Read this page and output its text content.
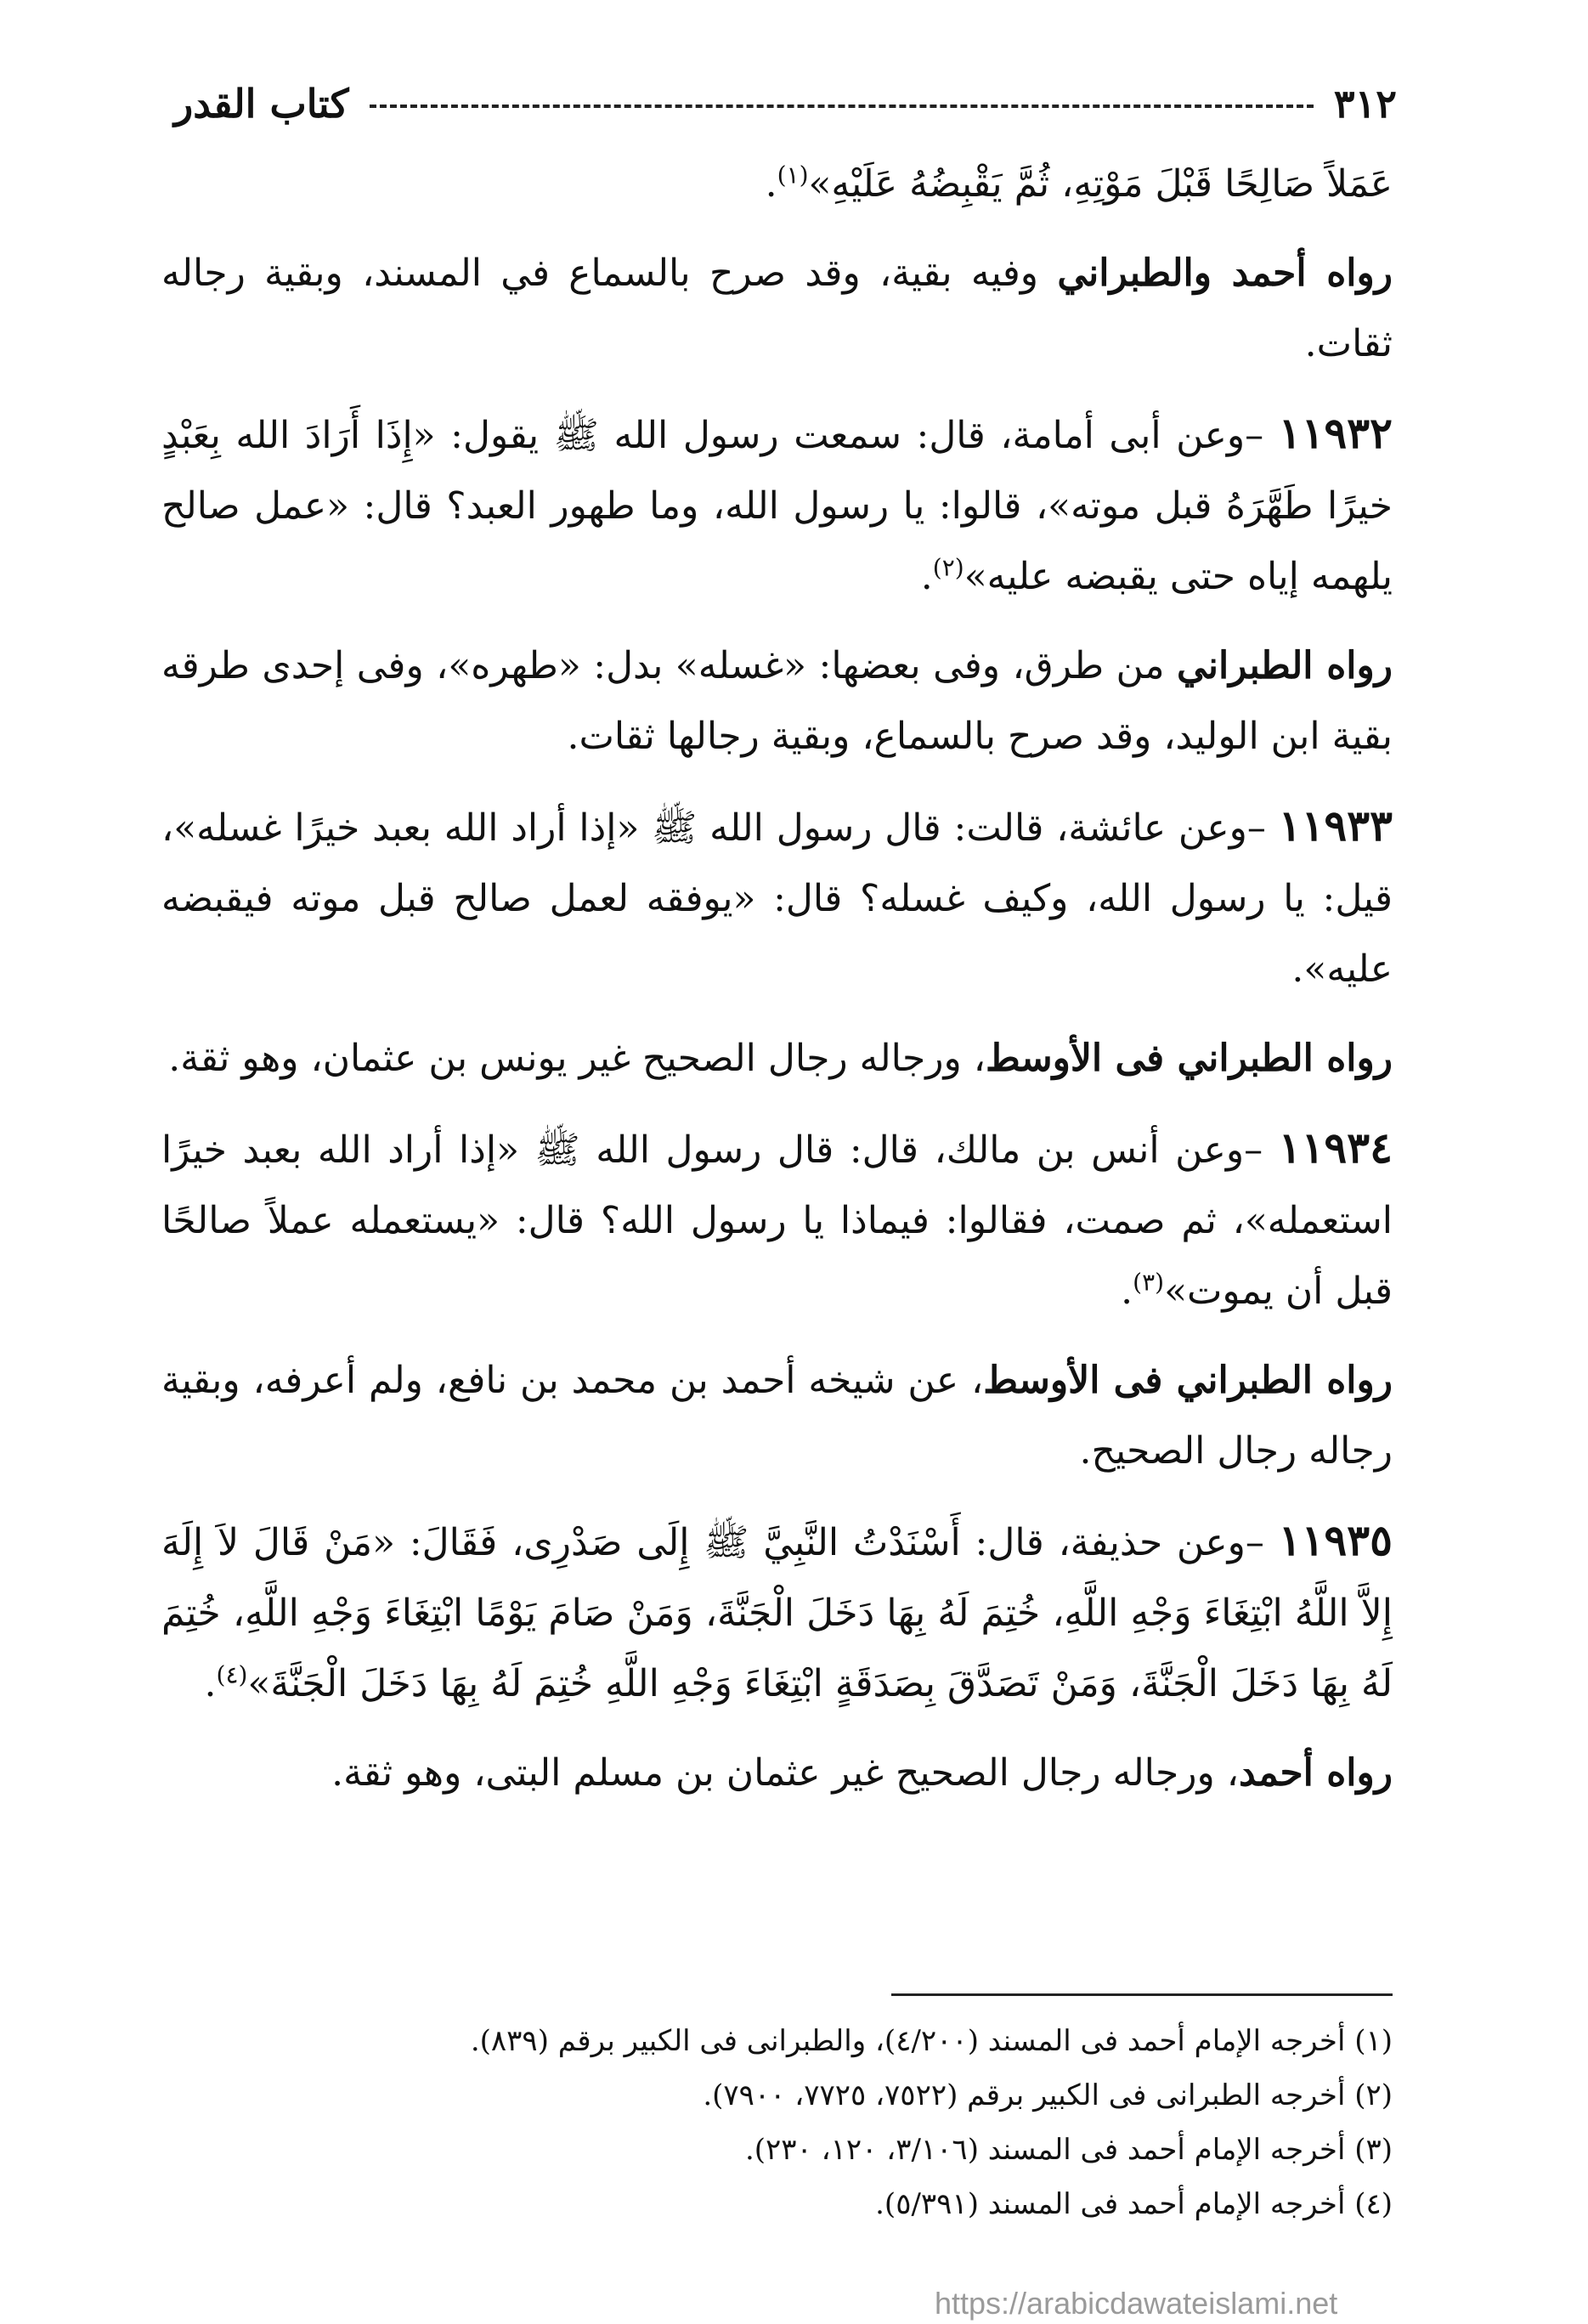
٣١٢
كتاب القدر

عَمَلاً صَالِحًا قَبْلَ مَوْتِهِ، ثُمَّ يَقْبِضُهُ عَلَيْهِ»$^{(١)}$.

رواه أحمد والطبراني وفيه بقية، وقد صرح بالسماع في المسند، وبقية رجاله ثقات.

١١٩٣٢ –وعن أبى أمامة، قال: سمعت رسول الله ﷺ يقول: «إِذَا أَرَادَ الله بِعَبْدٍ خيرًا طَهَّرَهُ قبل موته»، قالوا: يا رسول الله، وما طهور العبد؟ قال: «عمل صالح يلهمه إياه حتى يقبضه عليه»$^{(٢)}$.

رواه الطبراني من طرق، وفى بعضها: «غسله» بدل: «طهره»، وفى إحدى طرقه بقية ابن الوليد، وقد صرح بالسماع، وبقية رجالها ثقات.

١١٩٣٣ –وعن عائشة، قالت: قال رسول الله ﷺ «إذا أراد الله بعبد خيرًا غسله»، قيل: يا رسول الله، وكيف غسله؟ قال: «يوفقه لعمل صالح قبل موته فيقبضه عليه».

رواه الطبراني فى الأوسط، ورجاله رجال الصحيح غير يونس بن عثمان، وهو ثقة.

١١٩٣٤ –وعن أنس بن مالك، قال: قال رسول الله ﷺ «إذا أراد الله بعبد خيرًا استعمله»، ثم صمت، فقالوا: فيماذا يا رسول الله؟ قال: «يستعمله عملاً صالحًا قبل أن يموت»$^{(٣)}$.

رواه الطبراني فى الأوسط، عن شيخه أحمد بن محمد بن نافع، ولم أعرفه، وبقية رجاله رجال الصحيح.

١١٩٣٥ –وعن حذيفة، قال: أَسْنَدْتُ النَّبِيَّ ﷺ إِلَى صَدْرِى، فَقَالَ: «مَنْ قَالَ لاَ إِلَهَ إِلاَّ اللَّهُ ابْتِغَاءَ وَجْهِ اللَّهِ، خُتِمَ لَهُ بِهَا دَخَلَ الْجَنَّةَ، وَمَنْ صَامَ يَوْمًا ابْتِغَاءَ وَجْهِ اللَّهِ، خُتِمَ لَهُ بِهَا دَخَلَ الْجَنَّةَ، وَمَنْ تَصَدَّقَ بِصَدَقَةٍ ابْتِغَاءَ وَجْهِ اللَّهِ خُتِمَ لَهُ بِهَا دَخَلَ الْجَنَّةَ»$^{(٤)}$.

رواه أحمد، ورجاله رجال الصحيح غير عثمان بن مسلم البتى، وهو ثقة.

(١) أخرجه الإمام أحمد فى المسند (٤/٢٠٠)، والطبرانى فى الكبير برقم (٨٣٩).
(٢) أخرجه الطبرانى فى الكبير برقم (٧٥٢٢، ٧٧٢٥، ٧٩٠٠).
(٣) أخرجه الإمام أحمد فى المسند (٣/١٠٦، ١٢٠، ٢٣٠).
(٤) أخرجه الإمام أحمد فى المسند (٥/٣٩١).
https://arabicdawateislami.net
